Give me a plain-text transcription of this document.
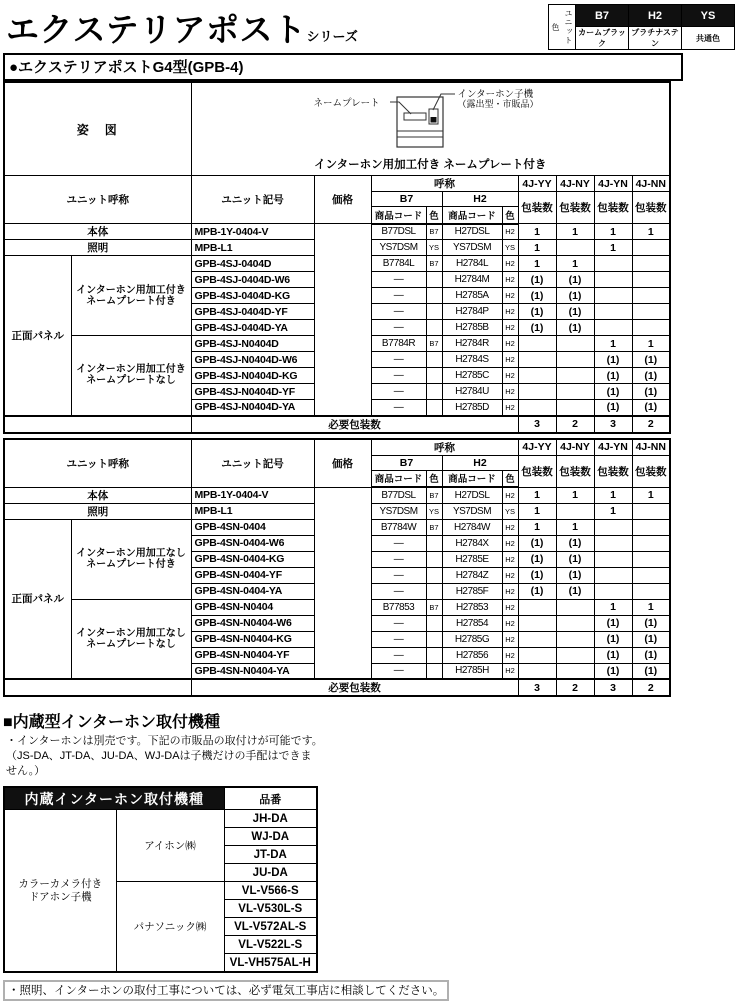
エクステリアポストシリーズ	ユニット色	B7	H2	YS
	カームブラック	プラチナステン	共通色
●エクステリアポストG4型(GPB-4)
姿　図		ネームプレート
インターホン子機
（露出型・市販品）
インターホン用加工付き ネームプレート付き									

ユニット呼称		ユニット記号	価格	呼称				4J-YY	4J-NY	4J-YN	4J-NN
				B7		H2		包装数	包装数	包装数	包装数
				商品コード	色	商品コード	色				
本体		MPB-1Y-0404-V		B77DSL	B7	H27DSL	H2	1	1	1	1
照明		MPB-L1		YS7DSM	YS	YS7DSM	YS	1		1	
正面パネル	インターホン用加工付き
ネームプレート付き	GPB-4SJ-0404D		B7784L	B7	H2784L	H2	1	1		
		GPB-4SJ-0404D-W6		—		H2784M	H2	(1)	(1)		
		GPB-4SJ-0404D-KG		—		H2785A	H2	(1)	(1)		
		GPB-4SJ-0404D-YF		—		H2784P	H2	(1)	(1)		
		GPB-4SJ-0404D-YA		—		H2785B	H2	(1)	(1)		
	インターホン用加工付き
ネームプレートなし	GPB-4SJ-N0404D		B7784R	B7	H2784R	H2			1	1
		GPB-4SJ-N0404D-W6		—		H2784S	H2			(1)	(1)
		GPB-4SJ-N0404D-KG		—		H2785C	H2			(1)	(1)
		GPB-4SJ-N0404D-YF		—		H2784U	H2			(1)	(1)
		GPB-4SJ-N0404D-YA		—		H2785D	H2			(1)	(1)
		必要包装数						3	2	3	2
ユニット呼称		ユニット記号	価格	呼称				4J-YY	4J-NY	4J-YN	4J-NN
				B7		H2		包装数	包装数	包装数	包装数
				商品コード	色	商品コード	色				
本体		MPB-1Y-0404-V		B77DSL	B7	H27DSL	H2	1	1	1	1
照明		MPB-L1		YS7DSM	YS	YS7DSM	YS	1		1	
正面パネル	インターホン用加工なし
ネームプレート付き	GPB-4SN-0404		B7784W	B7	H2784W	H2	1	1		
		GPB-4SN-0404-W6		—		H2784X	H2	(1)	(1)		
		GPB-4SN-0404-KG		—		H2785E	H2	(1)	(1)		
		GPB-4SN-0404-YF		—		H2784Z	H2	(1)	(1)		
		GPB-4SN-0404-YA		—		H2785F	H2	(1)	(1)		
	インターホン用加工なし
ネームプレートなし	GPB-4SN-N0404		B77853	B7	H27853	H2			1	1
		GPB-4SN-N0404-W6		—		H27854	H2			(1)	(1)
		GPB-4SN-N0404-KG		—		H2785G	H2			(1)	(1)
		GPB-4SN-N0404-YF		—		H27856	H2			(1)	(1)
		GPB-4SN-N0404-YA		—		H2785H	H2			(1)	(1)
		必要包装数						3	2	3	2
■内蔵型インターホン取付機種
・インターホンは別売です。下記の市販品の取付けが可能です。
（JS-DA、JT-DA、JU-DA、WJ-DAは子機だけの手配はできま
せん。）
内蔵インターホン取付機種		品番
カラーカメラ付き
ドアホン子機	アイホン㈱	JH-DA
		WJ-DA
		JT-DA
		JU-DA
	パナソニック㈱	VL-V566-S
		VL-V530L-S
		VL-V572AL-S
		VL-V522L-S
		VL-VH575AL-H
・照明、インターホンの取付工事については、必ず電気工事店に相談してください。
